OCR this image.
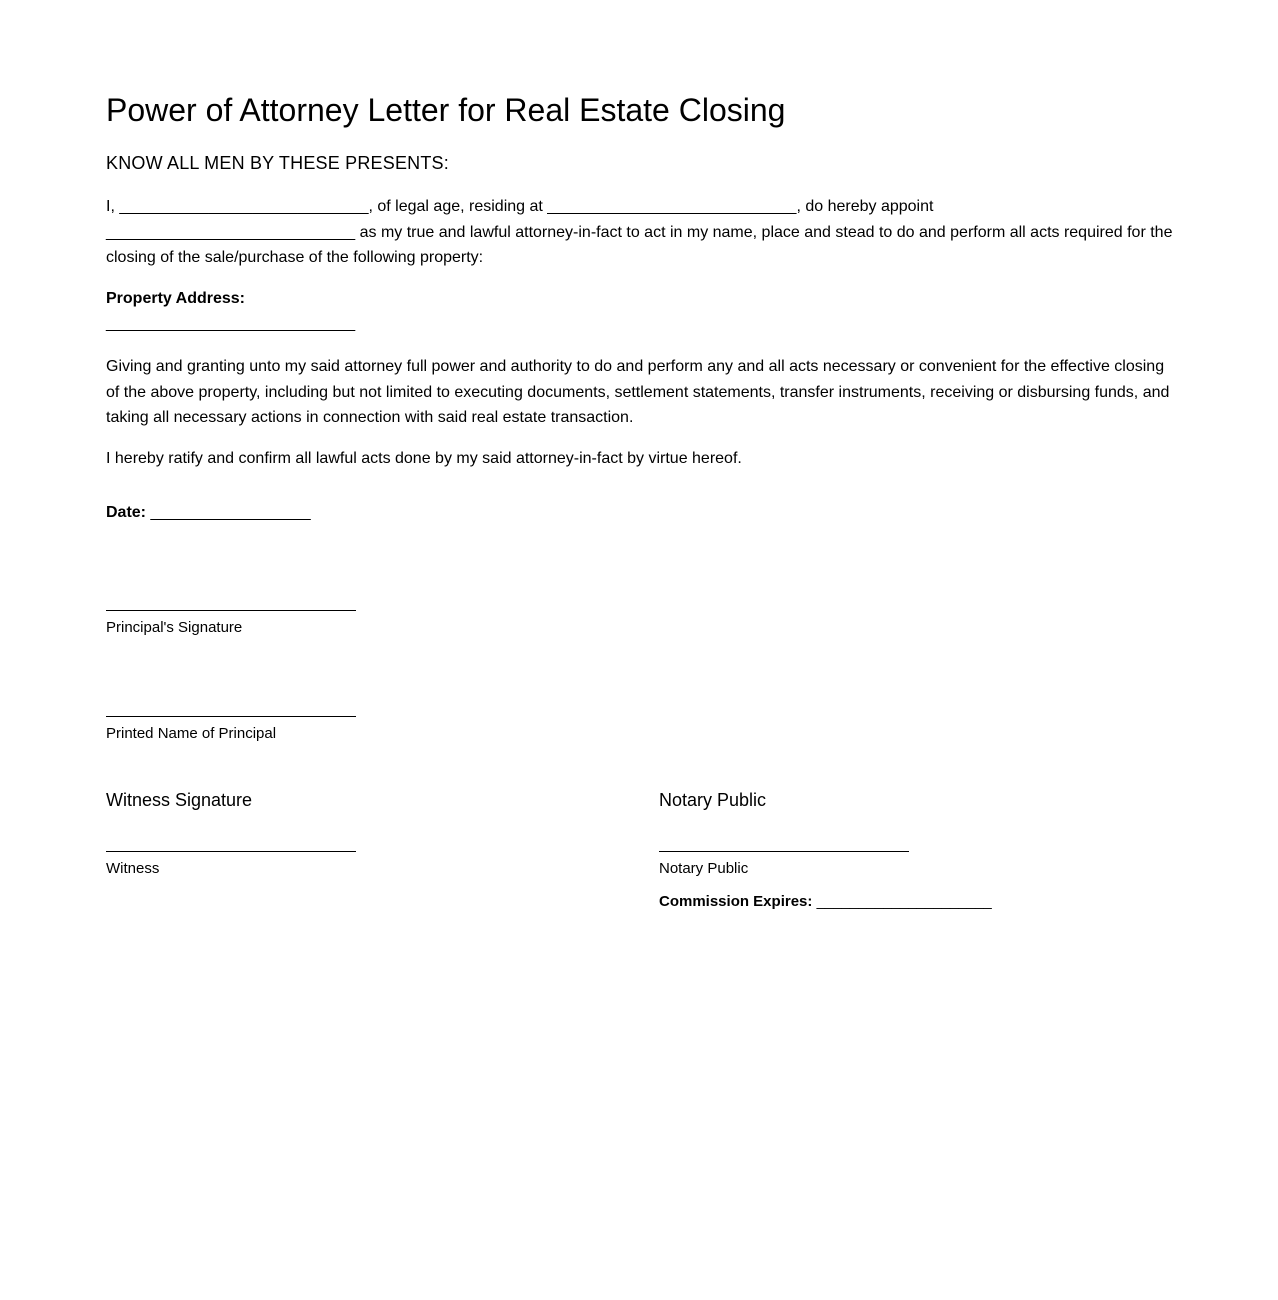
Power of Attorney Letter for Real Estate Closing
KNOW ALL MEN BY THESE PRESENTS:

I, ____________________________, of legal age, residing at ____________________________, do hereby appoint
____________________________ as my true and lawful attorney-in-fact to act in my name, place and stead to do and perform all acts required for the closing of the sale/purchase of the following property:

Property Address:
____________________________

Giving and granting unto my said attorney full power and authority to do and perform any and all acts necessary or convenient for the effective closing of the above property, including but not limited to executing documents, settlement statements, transfer instruments, receiving or disbursing funds, and taking all necessary actions in connection with said real estate transaction.

I hereby ratify and confirm all lawful acts done by my said attorney-in-fact by virtue hereof.

Date: __________________
Principal's Signature
Printed Name of Principal
Witness Signature	Notary Public
Witness	Notary Public
Commission Expires: _____________________
